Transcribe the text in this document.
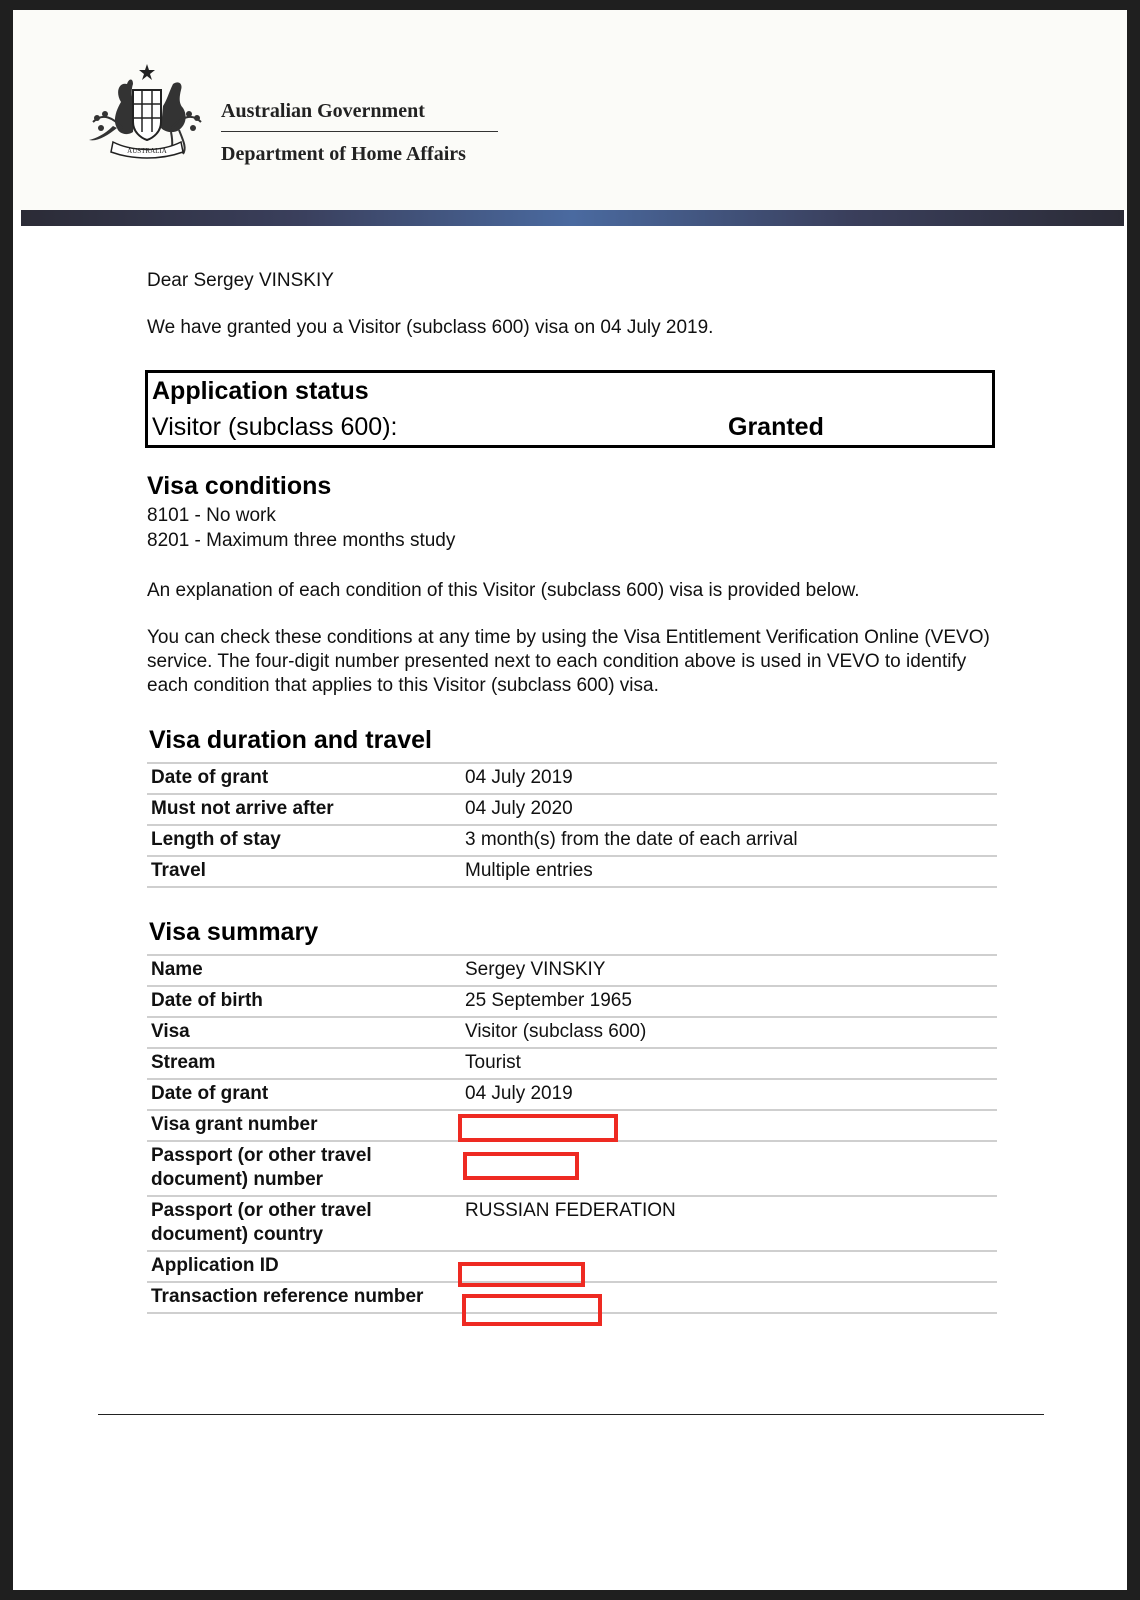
AUSTRALIA
Australian Government
Department of Home Affairs
Dear Sergey VINSKIY
We have granted you a Visitor (subclass 600) visa on 04 July 2019.
Application status
Visitor (subclass 600):	Granted
Visa conditions
8101 - No work
8201 - Maximum three months study
An explanation of each condition of this Visitor (subclass 600) visa is provided below.
You can check these conditions at any time by using the Visa Entitlement Verification Online (VEVO) service. The four-digit number presented next to each condition above is used in VEVO to identify each condition that applies to this Visitor (subclass 600) visa.
Visa duration and travel
Date of grant	04 July 2019
Must not arrive after	04 July 2020
Length of stay	3 month(s) from the date of each arrival
Travel	Multiple entries
Visa summary
Name	Sergey VINSKIY
Date of birth	25 September 1965
Visa	Visitor (subclass 600)
Stream	Tourist
Date of grant	04 July 2019
Visa grant number	
Passport (or other travel document) number	
Passport (or other travel document) country	RUSSIAN FEDERATION
Application ID	
Transaction reference number	
